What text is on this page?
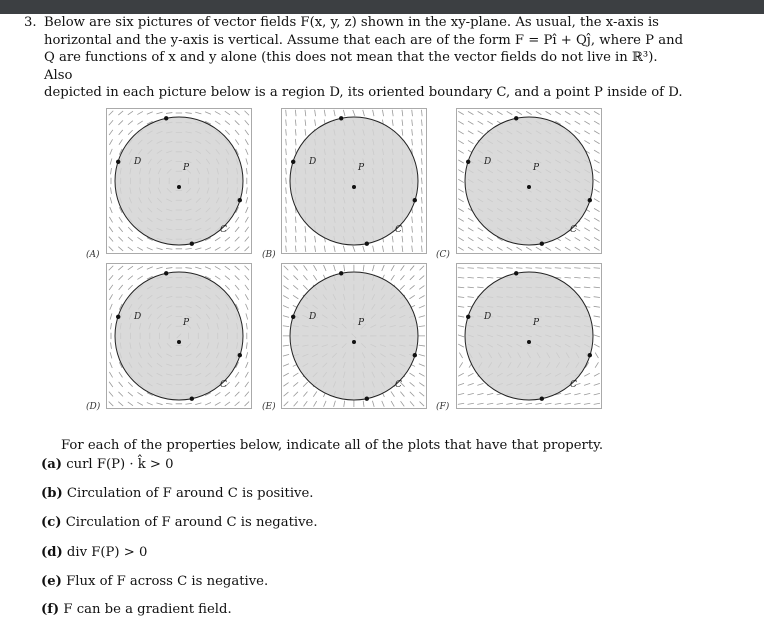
3. Below are six pictures of vector fields F(x, y, z) shown in the xy-plane. As usual, the x-axis is
horizontal and the y-axis is vertical. Assume that each are of the form F = Pî + Qĵ, where P and
Q are functions of x and y alone (this does not mean that the vector fields do not live in ℝ³). Also
depicted in each picture below is a region D, its oriented boundary C, and a point P inside of D.
D
P
C
D
P
C
D
P
C
D
P
C
D
P
C
D
P
C
(A)	(B)	(C)
(D)	(E)	(F)
For each of the properties below, indicate all of the plots that have that property.
(a) curl F(P) · k̂ > 0
(b) Circulation of F around C is positive.
(c) Circulation of F around C is negative.
(d) div F(P) > 0
(e) Flux of F across C is negative.
(f) F can be a gradient field.
